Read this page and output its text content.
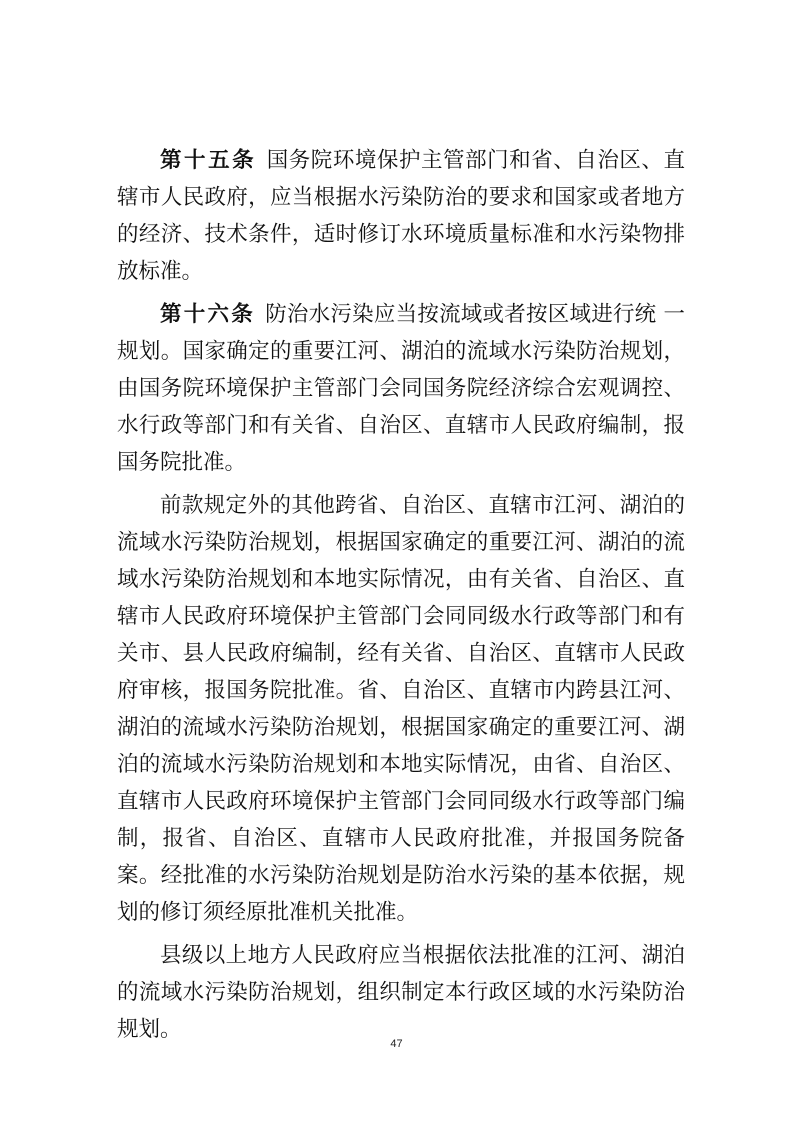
第十五条 国务院环境保护主管部门和省、自治区、直辖市人民政府，应当根据水污染防治的要求和国家或者地方的经济、技术条件，适时修订水环境质量标准和水污染物排放标准。

第十六条 防治水污染应当按流域或者按区域进行统 一规划。国家确定的重要江河、湖泊的流域水污染防治规划，由国务院环境保护主管部门会同国务院经济综合宏观调控、水行政等部门和有关省、自治区、直辖市人民政府编制，报国务院批准。

前款规定外的其他跨省、自治区、直辖市江河、湖泊的流域水污染防治规划，根据国家确定的重要江河、湖泊的流域水污染防治规划和本地实际情况，由有关省、自治区、直辖市人民政府环境保护主管部门会同同级水行政等部门和有关市、县人民政府编制，经有关省、自治区、直辖市人民政府审核，报国务院批准。省、自治区、直辖市内跨县江河、湖泊的流域水污染防治规划，根据国家确定的重要江河、湖泊的流域水污染防治规划和本地实际情况，由省、自治区、直辖市人民政府环境保护主管部门会同同级水行政等部门编制，报省、自治区、直辖市人民政府批准，并报国务院备案。经批准的水污染防治规划是防治水污染的基本依据，规划的修订须经原批准机关批准。

县级以上地方人民政府应当根据依法批准的江河、湖泊的流域水污染防治规划，组织制定本行政区域的水污染防治规划。

47
